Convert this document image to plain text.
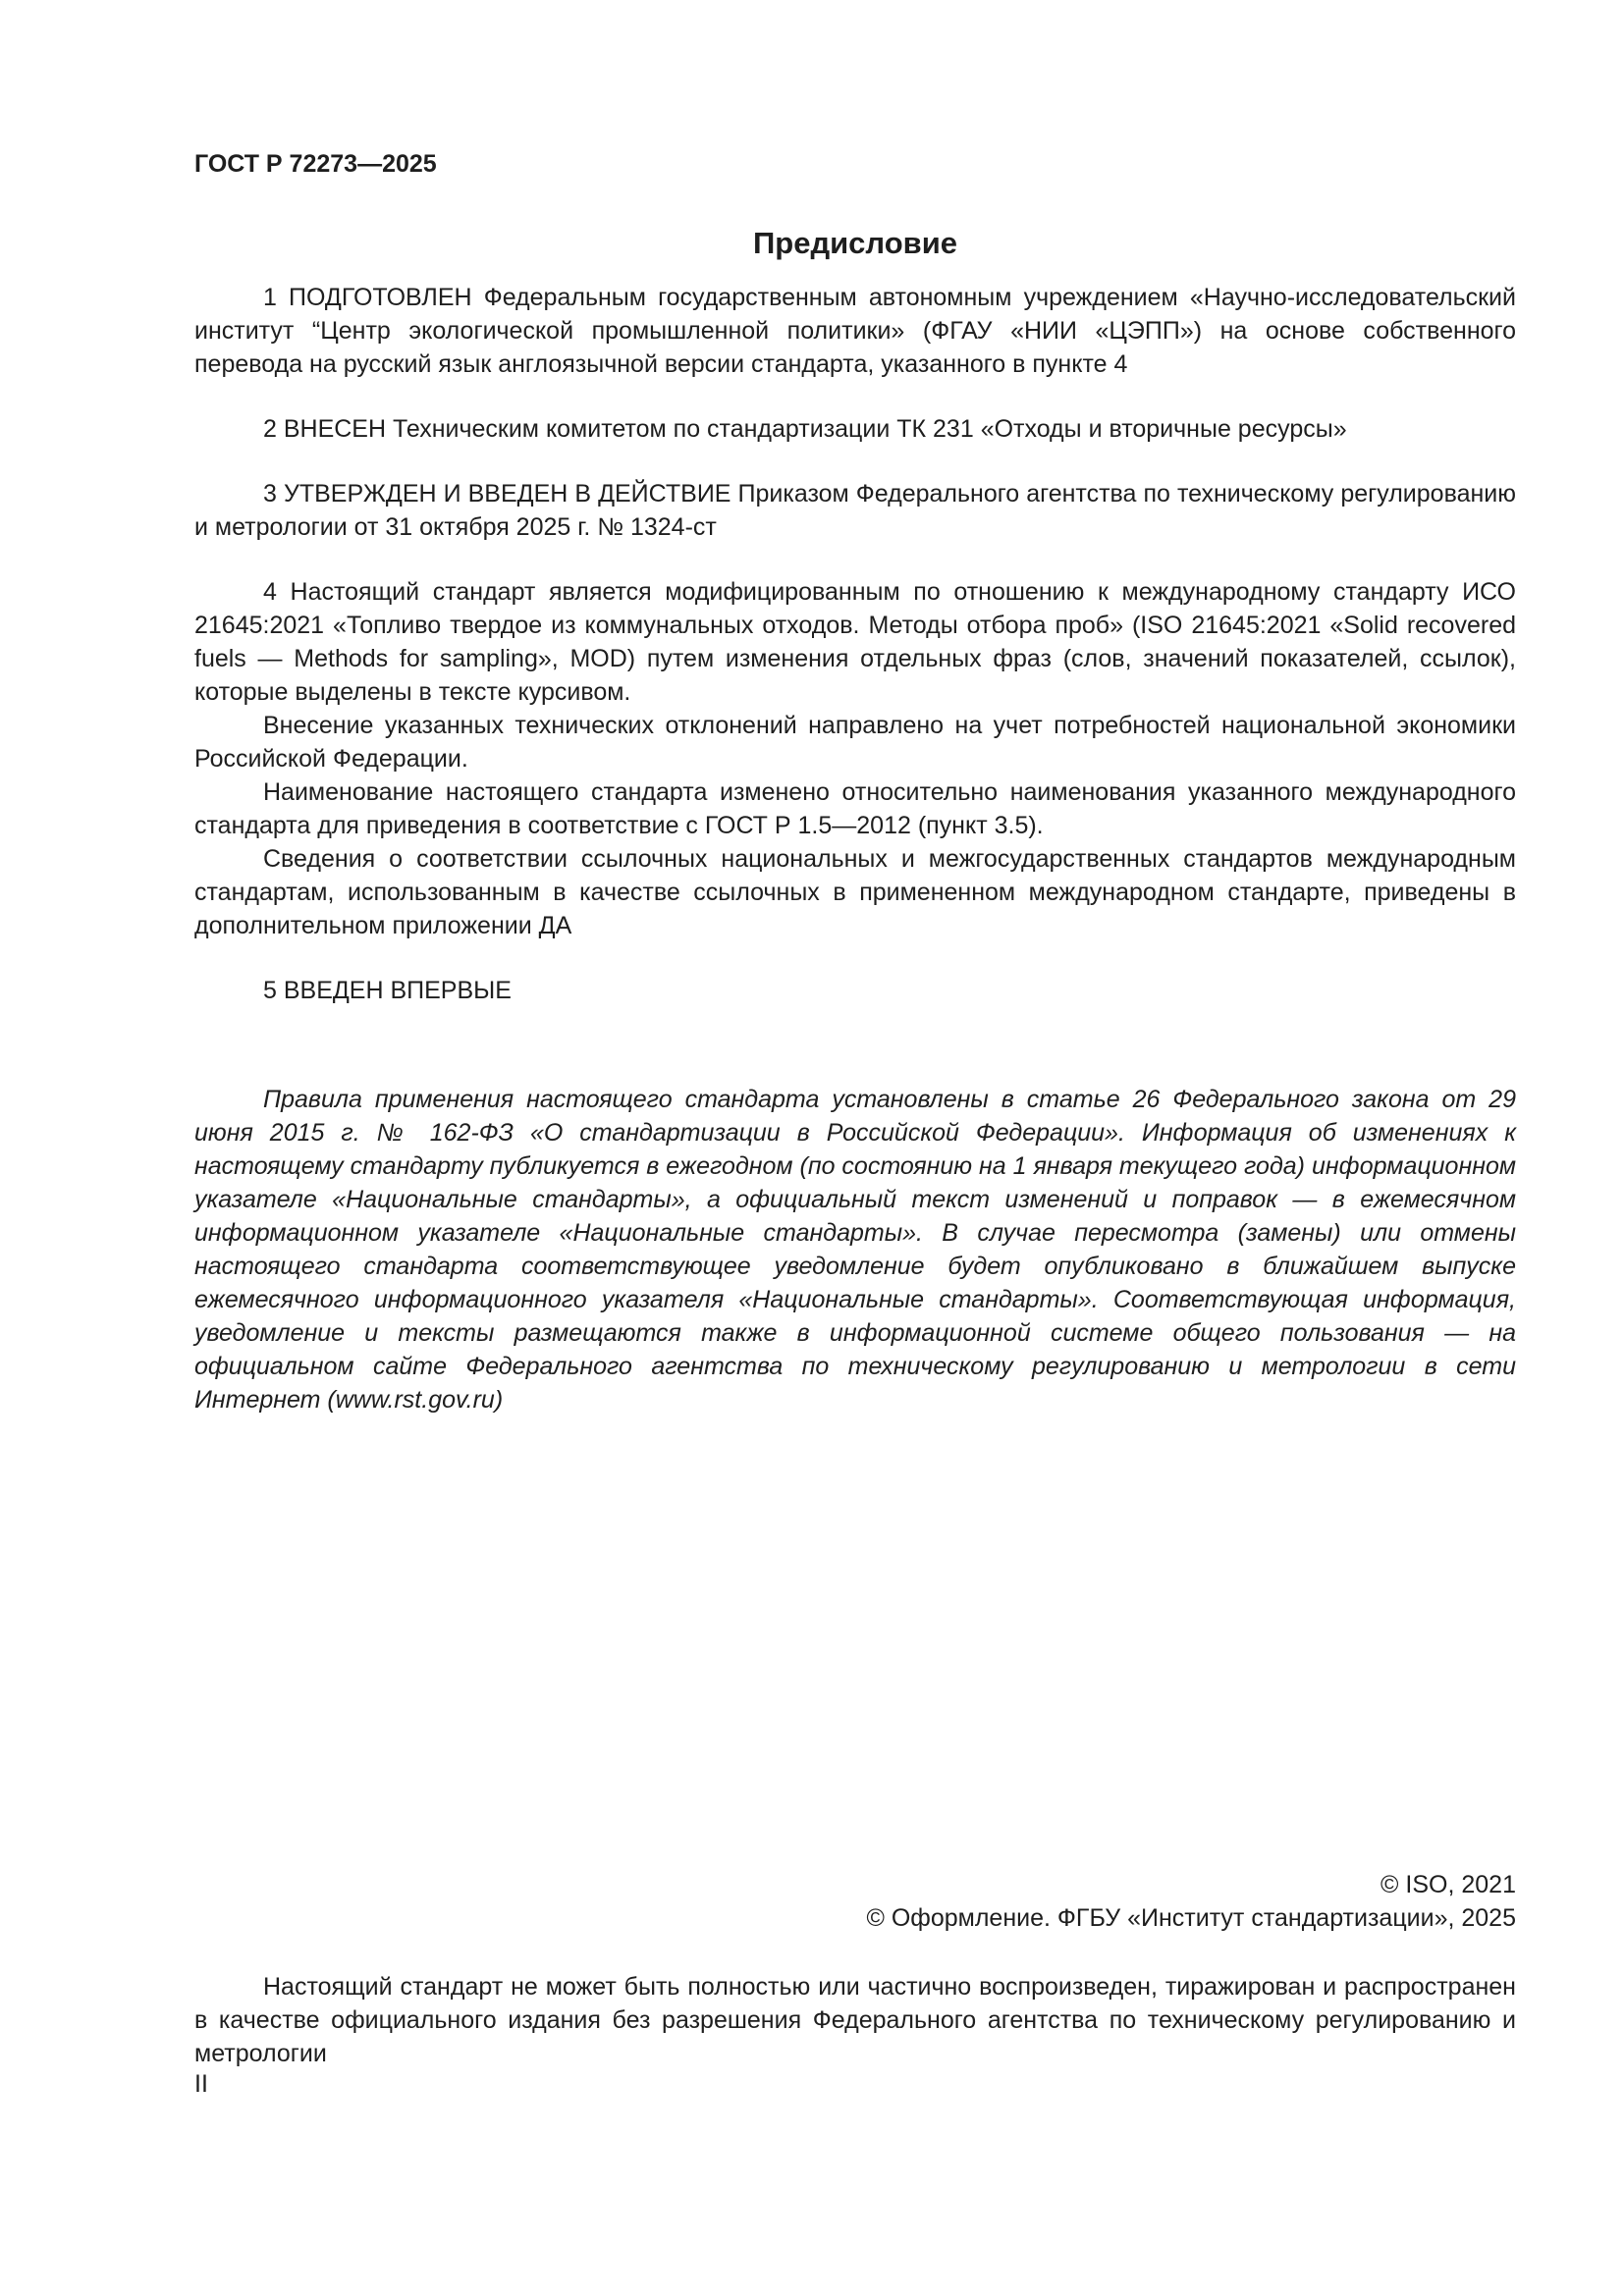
ГОСТ Р 72273—2025
Предисловие

1 ПОДГОТОВЛЕН Федеральным государственным автономным учреждением «Научно-исследовательский институт “Центр экологической промышленной политики» (ФГАУ «НИИ «ЦЭПП») на основе собственного перевода на русский язык англоязычной версии стандарта, указанного в пункте 4

2 ВНЕСЕН Техническим комитетом по стандартизации ТК 231 «Отходы и вторичные ресурсы»

3 УТВЕРЖДЕН И ВВЕДЕН В ДЕЙСТВИЕ Приказом Федерального агентства по техническому регулированию и метрологии от 31 октября 2025 г. № 1324-ст

4 Настоящий стандарт является модифицированным по отношению к международному стандарту ИСО 21645:2021 «Топливо твердое из коммунальных отходов. Методы отбора проб» (ISO 21645:2021 «Solid recovered fuels — Methods for sampling», MOD) путем изменения отдельных фраз (слов, значений показателей, ссылок), которые выделены в тексте курсивом.

Внесение указанных технических отклонений направлено на учет потребностей национальной экономики Российской Федерации.

Наименование настоящего стандарта изменено относительно наименования указанного международного стандарта для приведения в соответствие с ГОСТ Р 1.5—2012 (пункт 3.5).

Сведения о соответствии ссылочных национальных и межгосударственных стандартов международным стандартам, использованным в качестве ссылочных в примененном международном стандарте, приведены в дополнительном приложении ДА

5 ВВЕДЕН ВПЕРВЫЕ

Правила применения настоящего стандарта установлены в статье 26 Федерального закона от 29 июня 2015 г. № 162-ФЗ «О стандартизации в Российской Федерации». Информация об изменениях к настоящему стандарту публикуется в ежегодном (по состоянию на 1 января текущего года) информационном указателе «Национальные стандарты», а официальный текст изменений и поправок — в ежемесячном информационном указателе «Национальные стандарты». В случае пересмотра (замены) или отмены настоящего стандарта соответствующее уведомление будет опубликовано в ближайшем выпуске ежемесячного информационного указателя «Национальные стандарты». Соответствующая информация, уведомление и тексты размещаются также в информационной системе общего пользования — на официальном сайте Федерального агентства по техническому регулированию и метрологии в сети Интернет (www.rst.gov.ru)

© ISO, 2021
© Оформление. ФГБУ «Институт стандартизации», 2025

Настоящий стандарт не может быть полностью или частично воспроизведен, тиражирован и распространен в качестве официального издания без разрешения Федерального агентства по техническому регулированию и метрологии

II
